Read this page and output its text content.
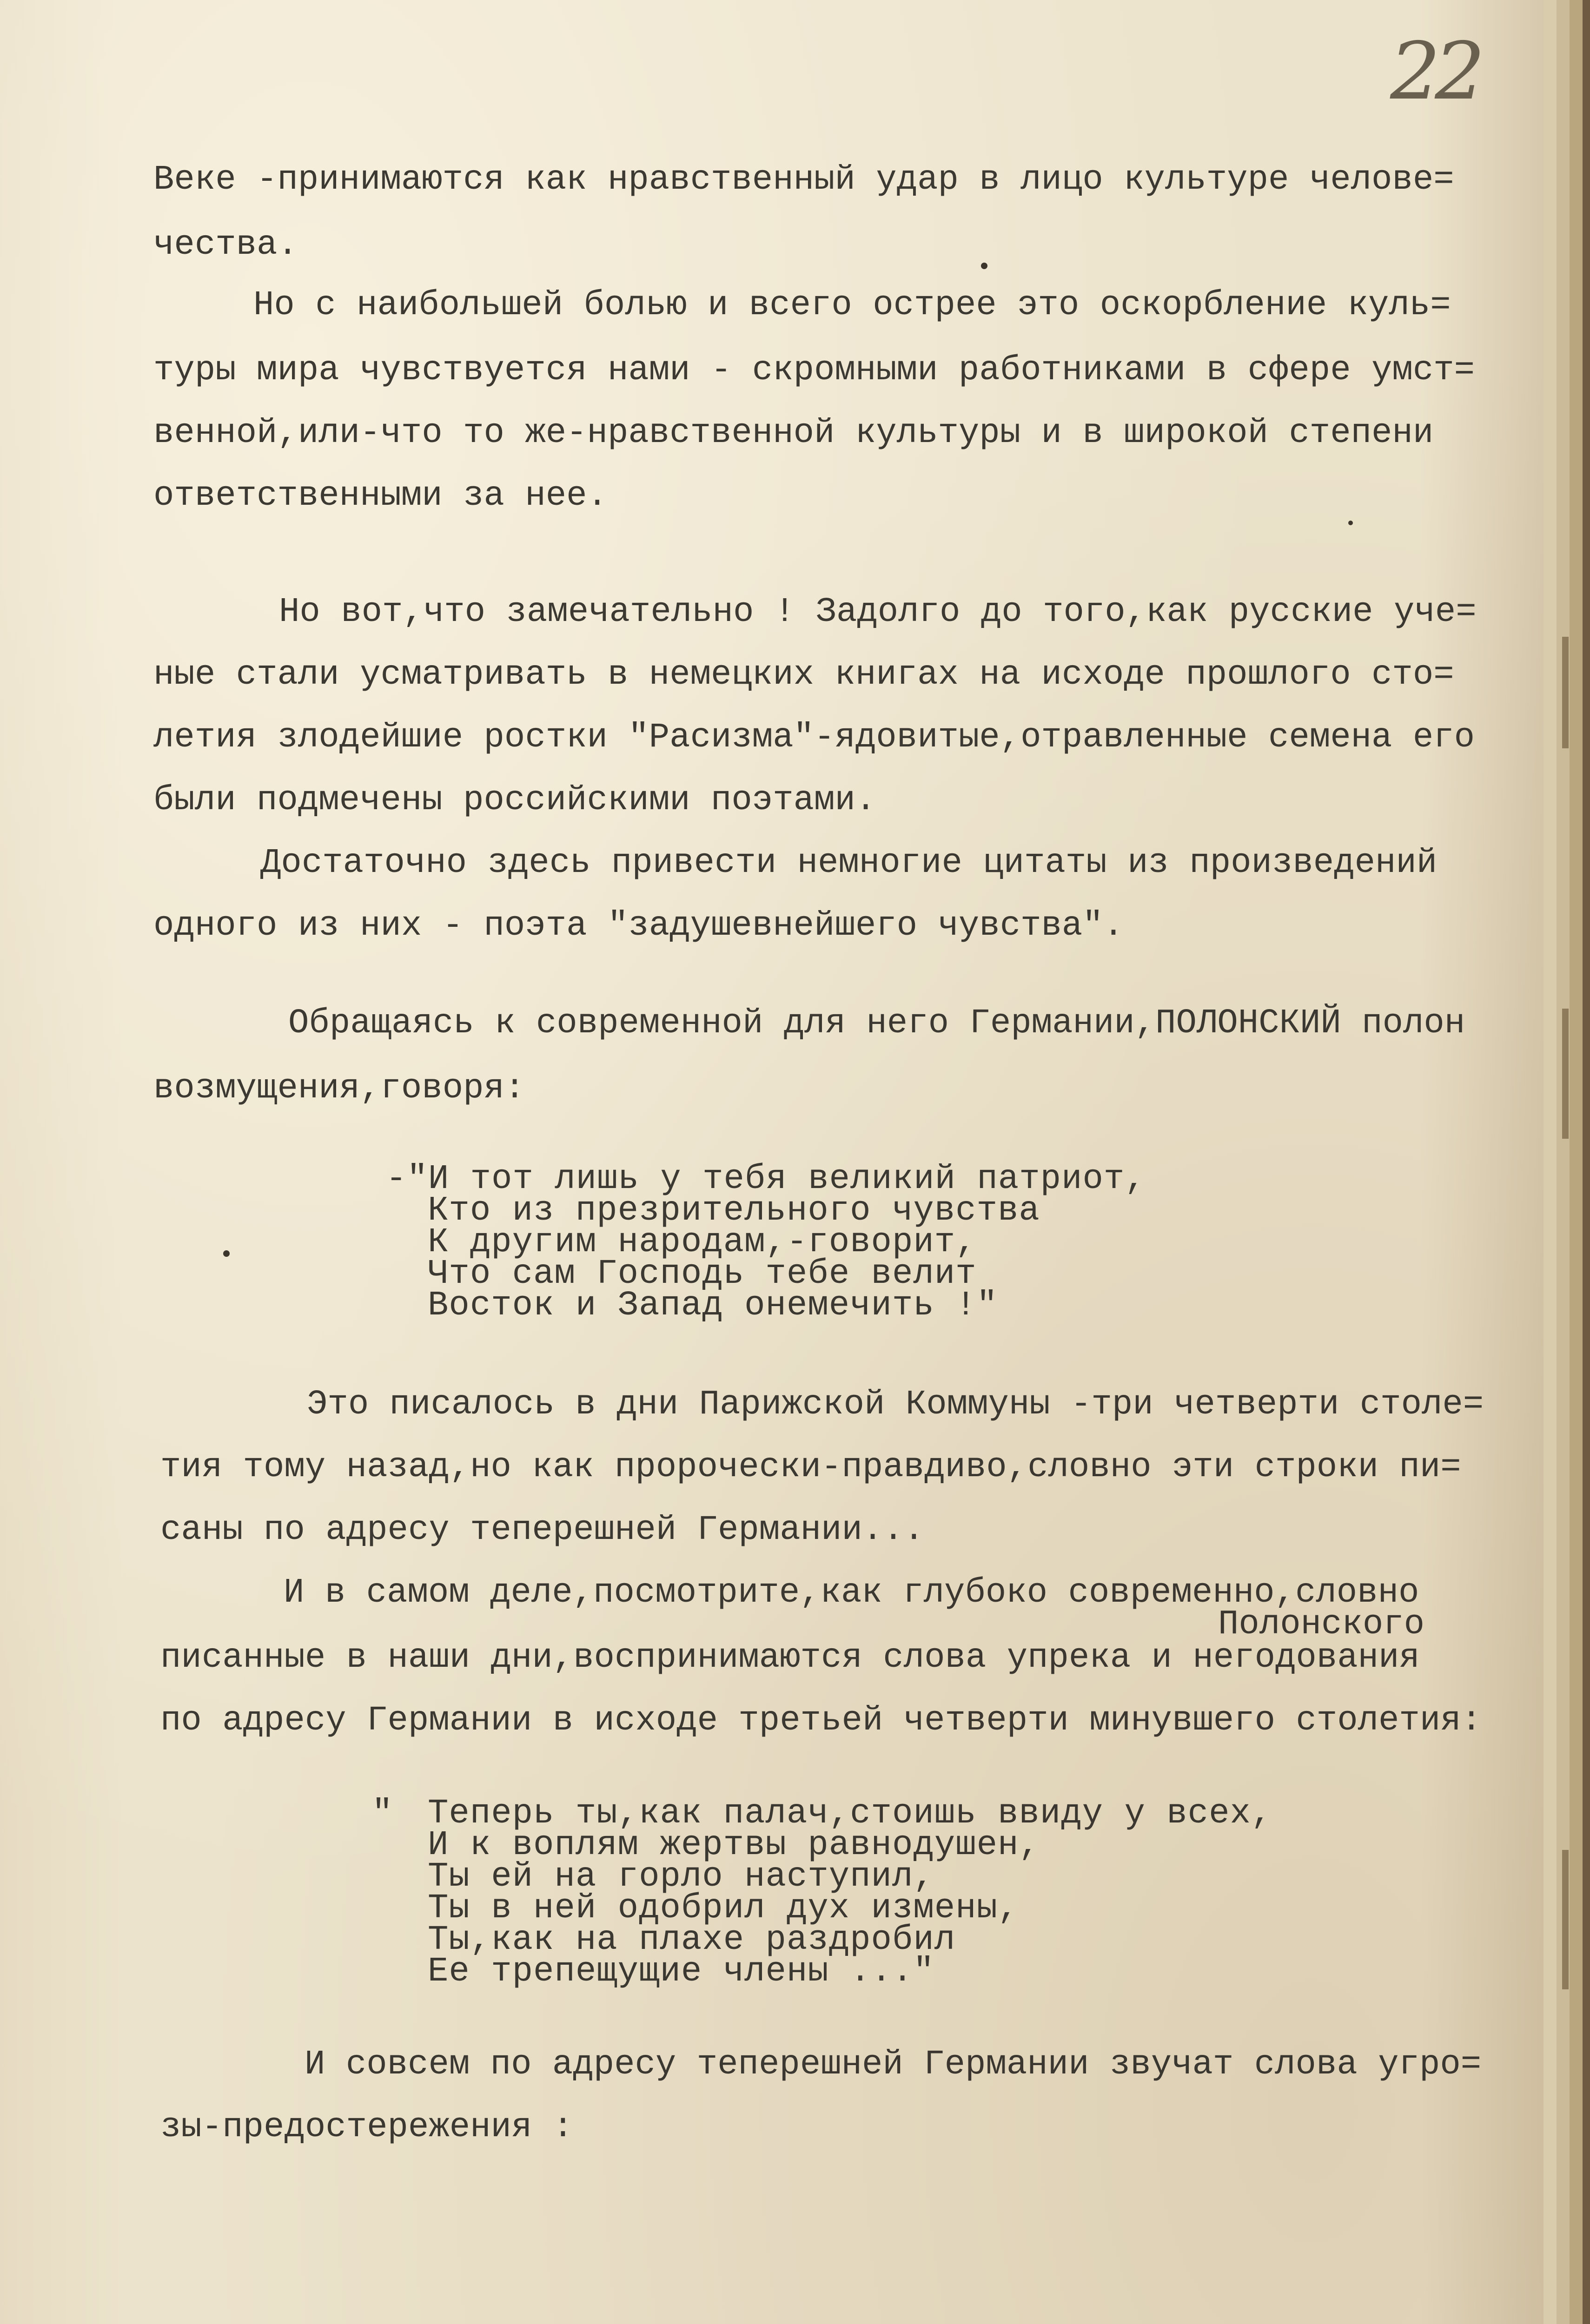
22

Веке -принимаются как нравственный удар в лицо культуре челове=

чества.

Но с наибольшей болью и всего острее это оскорбление куль=

туры мира чувствуется нами - скромными работниками в сфере умст=

венной,или-что то же-нравственной культуры и в широкой степени

ответственными за нее.

Но вот,что замечательно ! Задолго до того,как русские уче=

ные стали усматривать в немецких книгах на исходе прошлого сто=

летия злодейшие ростки "Расизма"-ядовитые,отравленные семена его

были подмечены российскими поэтами.

Достаточно здесь привести немногие цитаты из произведений

одного из них - поэта "задушевнейшего чувства".

Обращаясь к современной для него Германии,ПОЛОНСКИЙ полон

возмущения,говоря:

-"И тот лишь у тебя великий патриот,

Кто из презрительного чувства

К другим народам,-говорит,

Что сам Господь тебе велит

Восток и Запад онемечить !"

Это писалось в дни Парижской Коммуны -три четверти столе=

тия тому назад,но как пророчески-правдиво,словно эти строки пи=

саны по адресу теперешней Германии...

И в самом деле,посмотрите,как глубоко современно,словно

Полонского

писанные в наши дни,воспринимаются слова упрека и негодования

по адресу Германии в исходе третьей четверти минувшего столетия:

" Теперь ты,как палач,стоишь ввиду у всех,

И к воплям жертвы равнодушен,

Ты ей на горло наступил,

Ты в ней одобрил дух измены,

Ты,как на плахе раздробил

Ее трепещущие члены ..."

И совсем по адресу теперешней Германии звучат слова угро=

зы-предостережения :
